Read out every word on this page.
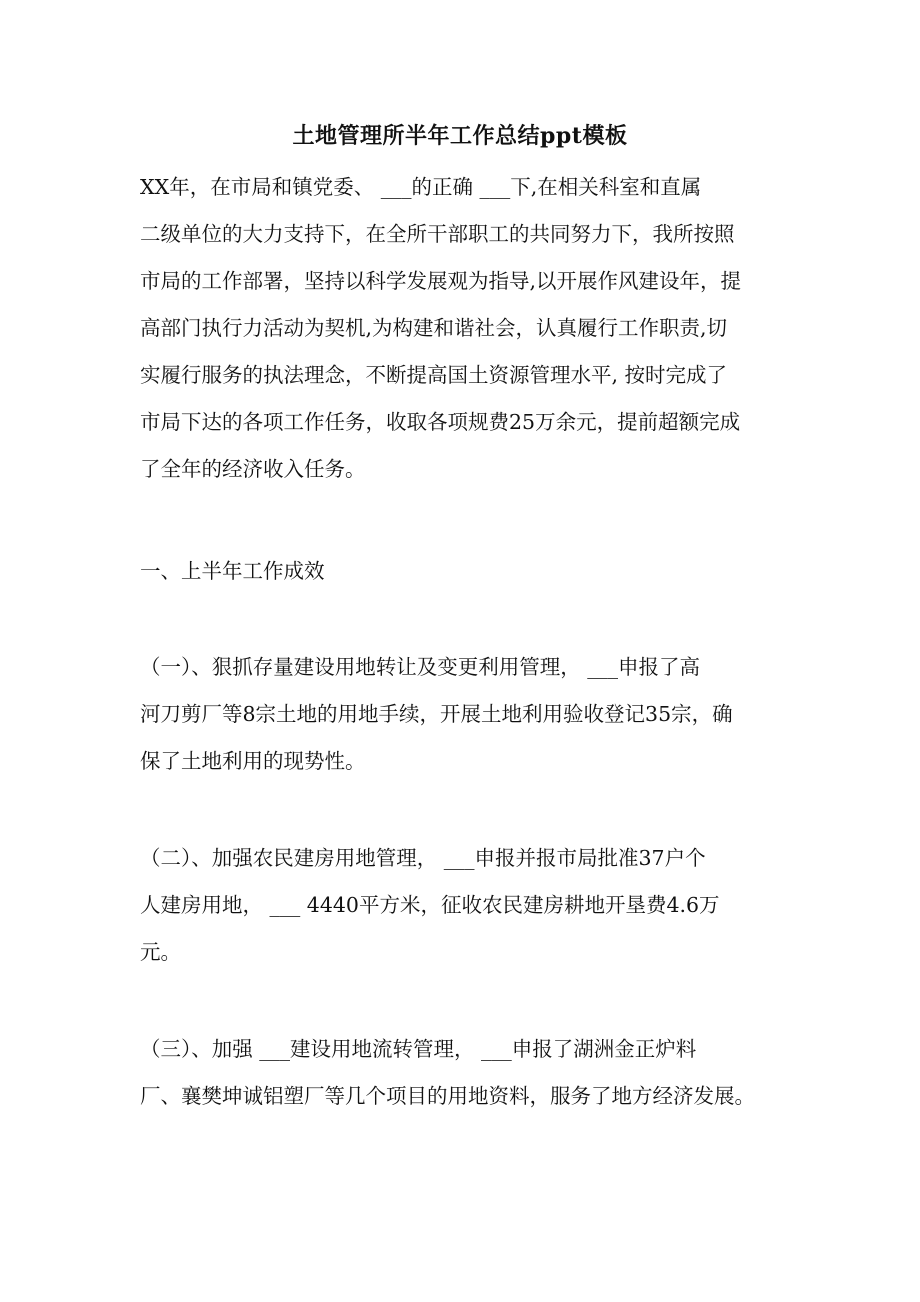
土地管理所半年工作总结ppt模板
XX年，在市局和镇党委、 ___的正确 ___下,在相关科室和直属
二级单位的大力支持下，在全所干部职工的共同努力下，我所按照
市局的工作部署，坚持以科学发展观为指导,以开展作风建设年，提
高部门执行力活动为契机,为构建和谐社会，认真履行工作职责,切
实履行服务的执法理念，不断提高国土资源管理水平, 按时完成了
市局下达的各项工作任务，收取各项规费25万余元，提前超额完成
了全年的经济收入任务。
一、上半年工作成效
（一）、狠抓存量建设用地转让及变更利用管理， ___申报了高
河刀剪厂等8宗土地的用地手续，开展土地利用验收登记35宗，确
保了土地利用的现势性。
（二）、加强农民建房用地管理， ___申报并报市局批准37户个
人建房用地， ___ 4440平方米，征收农民建房耕地开垦费4.6万
元。
（三）、加强 ___建设用地流转管理， ___申报了湖洲金正炉料
厂、襄樊坤诚铝塑厂等几个项目的用地资料，服务了地方经济发展。
